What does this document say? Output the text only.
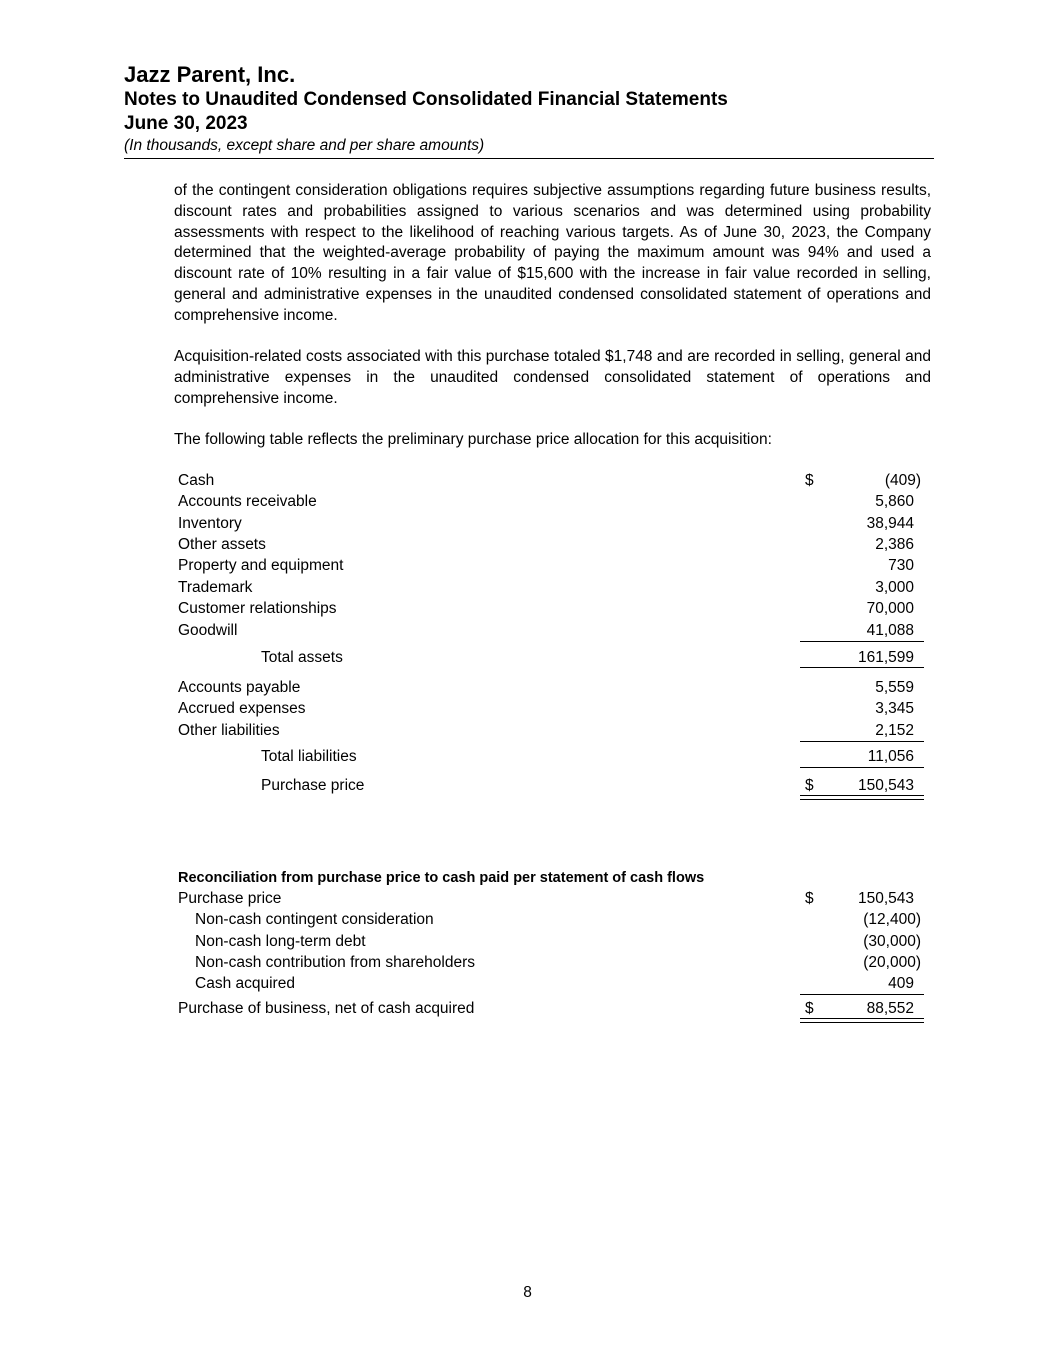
Jazz Parent, Inc.
Notes to Unaudited Condensed Consolidated Financial Statements
June 30, 2023
(In thousands, except share and per share amounts)

of the contingent consideration obligations requires subjective assumptions regarding future business results, discount rates and probabilities assigned to various scenarios and was determined using probability assessments with respect to the likelihood of reaching various targets. As of June 30, 2023, the Company determined that the weighted-average probability of paying the maximum amount was 94% and used a discount rate of 10% resulting in a fair value of $15,600 with the increase in fair value recorded in selling, general and administrative expenses in the unaudited condensed consolidated statement of operations and comprehensive income.

Acquisition-related costs associated with this purchase totaled $1,748 and are recorded in selling, general and administrative expenses in the unaudited condensed consolidated statement of operations and comprehensive income.

The following table reflects the preliminary purchase price allocation for this acquisition:

Cash	$	(409)
Accounts receivable	5,860
Inventory	38,944
Other assets	2,386
Property and equipment	730
Trademark	3,000
Customer relationships	70,000
Goodwill	41,088
Total assets	161,599
Accounts payable	5,559
Accrued expenses	3,345
Other liabilities	2,152
Total liabilities	11,056
Purchase price	$	150,543
Reconciliation from purchase price to cash paid per statement of cash flows
Purchase price	$	150,543
Non-cash contingent consideration	(12,400)
Non-cash long-term debt	(30,000)
Non-cash contribution from shareholders	(20,000)
Cash acquired	409
Purchase of business, net of cash acquired	$	88,552
8
